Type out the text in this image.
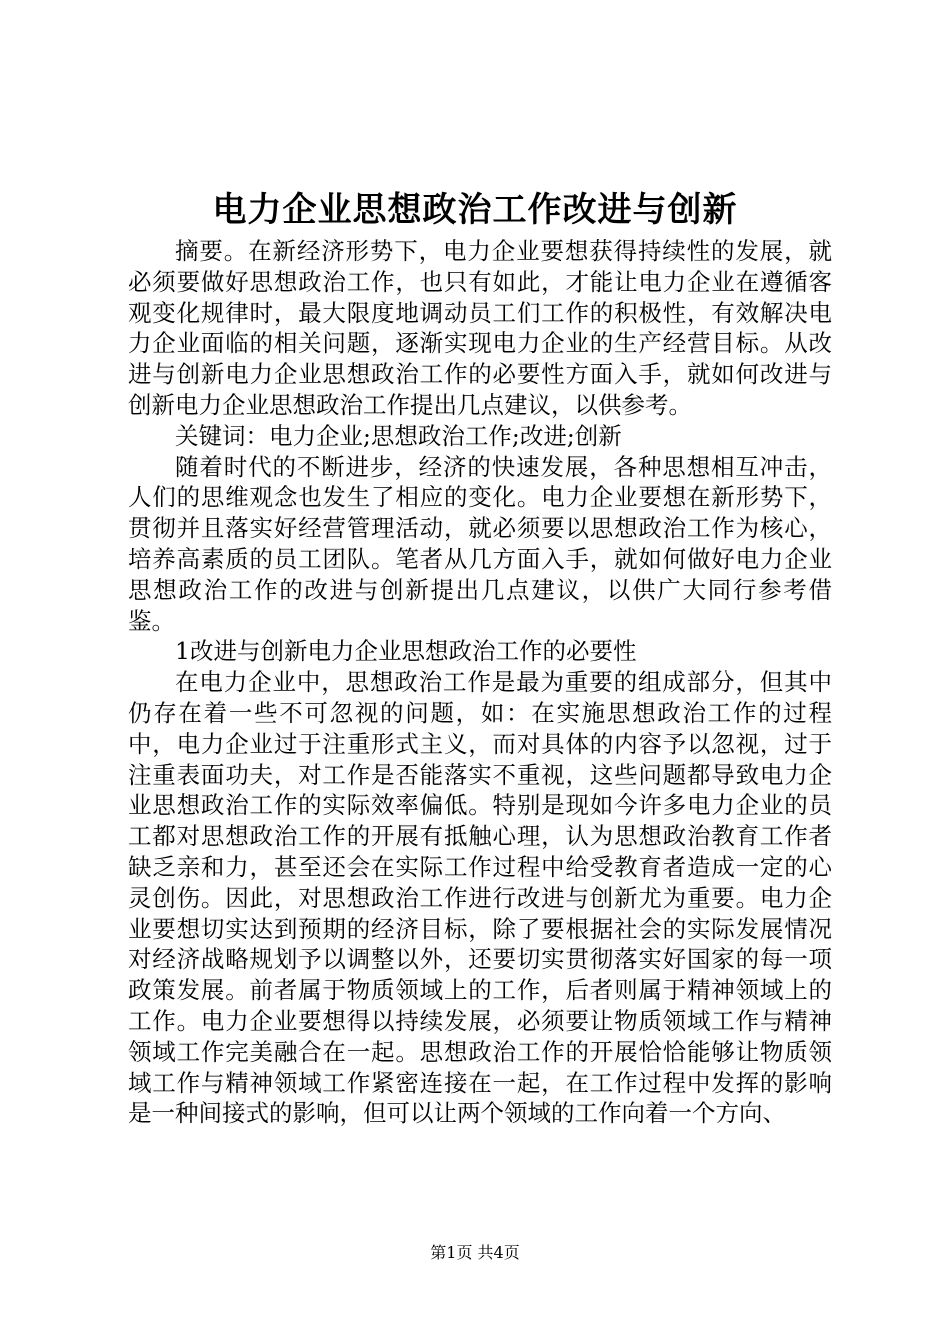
电力企业思想政治工作改进与创新

摘要。在新经济形势下，电力企业要想获得持续性的发展，就必须要做好思想政治工作，也只有如此，才能让电力企业在遵循客观变化规律时，最大限度地调动员工们工作的积极性，有效解决电力企业面临的相关问题，逐渐实现电力企业的生产经营目标。从改进与创新电力企业思想政治工作的必要性方面入手，就如何改进与创新电力企业思想政治工作提出几点建议，以供参考。

关键词：电力企业;思想政治工作;改进;创新

随着时代的不断进步，经济的快速发展，各种思想相互冲击，人们的思维观念也发生了相应的变化。电力企业要想在新形势下，贯彻并且落实好经营管理活动，就必须要以思想政治工作为核心，培养高素质的员工团队。笔者从几方面入手，就如何做好电力企业思想政治工作的改进与创新提出几点建议，以供广大同行参考借鉴。

1改进与创新电力企业思想政治工作的必要性

在电力企业中，思想政治工作是最为重要的组成部分，但其中仍存在着一些不可忽视的问题，如：在实施思想政治工作的过程中，电力企业过于注重形式主义，而对具体的内容予以忽视，过于注重表面功夫，对工作是否能落实不重视，这些问题都导致电力企业思想政治工作的实际效率偏低。特别是现如今许多电力企业的员工都对思想政治工作的开展有抵触心理，认为思想政治教育工作者缺乏亲和力，甚至还会在实际工作过程中给受教育者造成一定的心灵创伤。因此，对思想政治工作进行改进与创新尤为重要。电力企业要想切实达到预期的经济目标，除了要根据社会的实际发展情况对经济战略规划予以调整以外，还要切实贯彻落实好国家的每一项政策发展。前者属于物质领域上的工作，后者则属于精神领域上的工作。电力企业要想得以持续发展，必须要让物质领域工作与精神领域工作完美融合在一起。思想政治工作的开展恰恰能够让物质领域工作与精神领域工作紧密连接在一起，在工作过程中发挥的影响是一种间接式的影响，但可以让两个领域的工作向着一个方向、

第1页 共4页
